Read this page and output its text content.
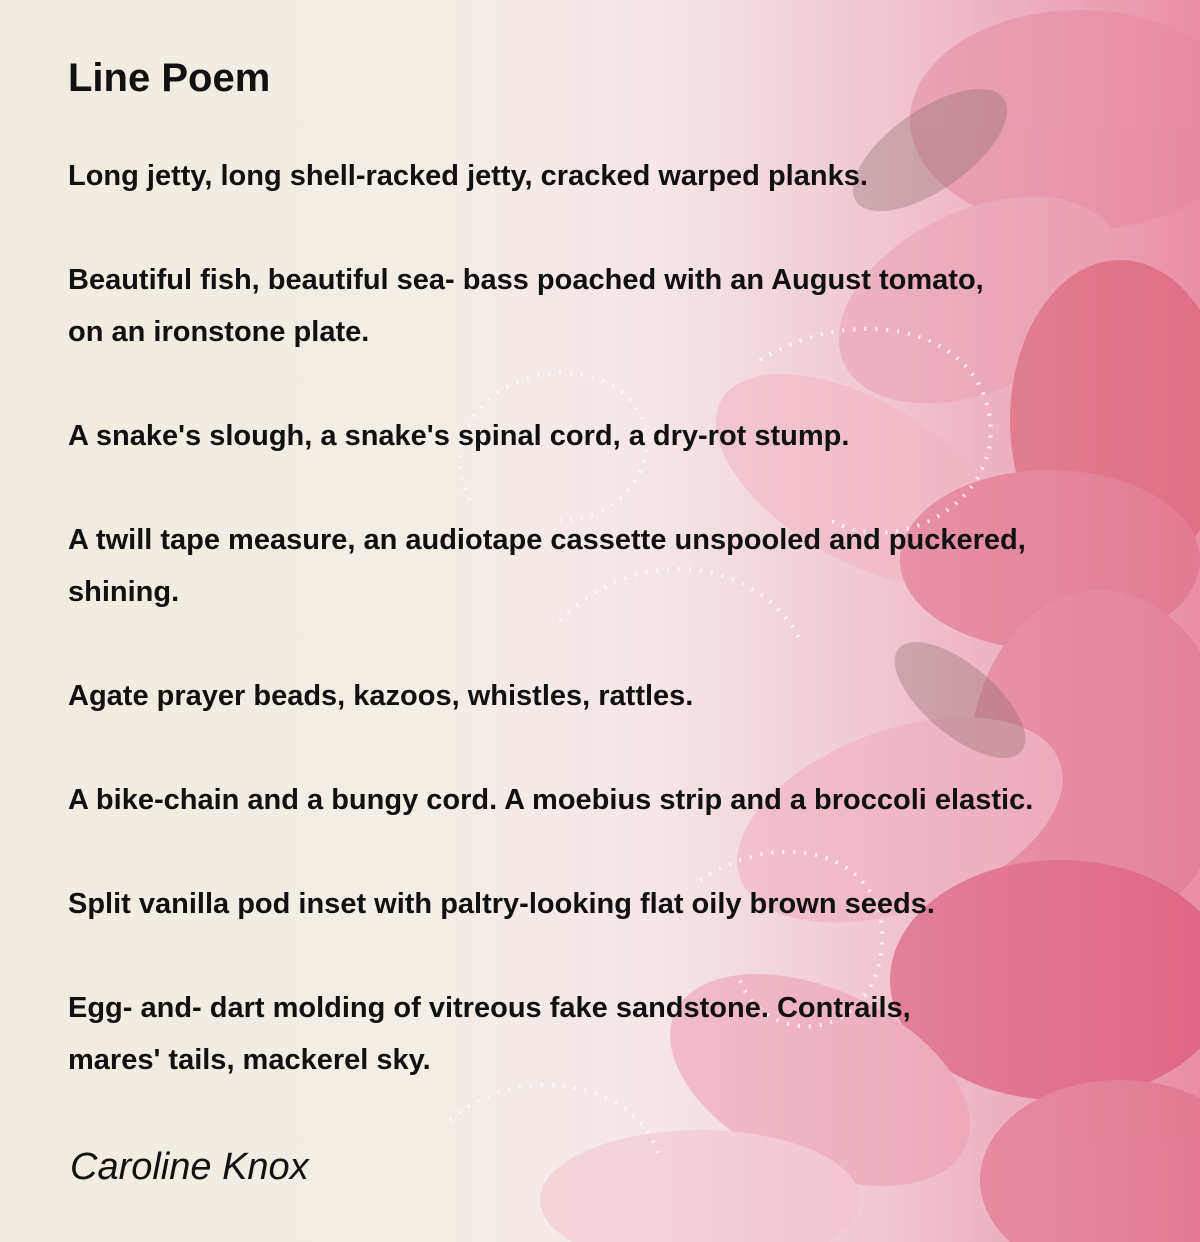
Line Poem

Long jetty, long shell-racked jetty, cracked warped planks.

Beautiful fish, beautiful sea- bass poached with an August tomato,
on an ironstone plate.

A snake's slough, a snake's spinal cord, a dry-rot stump.

A twill tape measure, an audiotape cassette unspooled and puckered,
shining.

Agate prayer beads, kazoos, whistles, rattles.

A bike-chain and a bungy cord. A moebius strip and a broccoli elastic.

Split vanilla pod inset with paltry-looking flat oily brown seeds.

Egg- and- dart molding of vitreous fake sandstone. Contrails,
mares' tails, mackerel sky.

Caroline Knox
